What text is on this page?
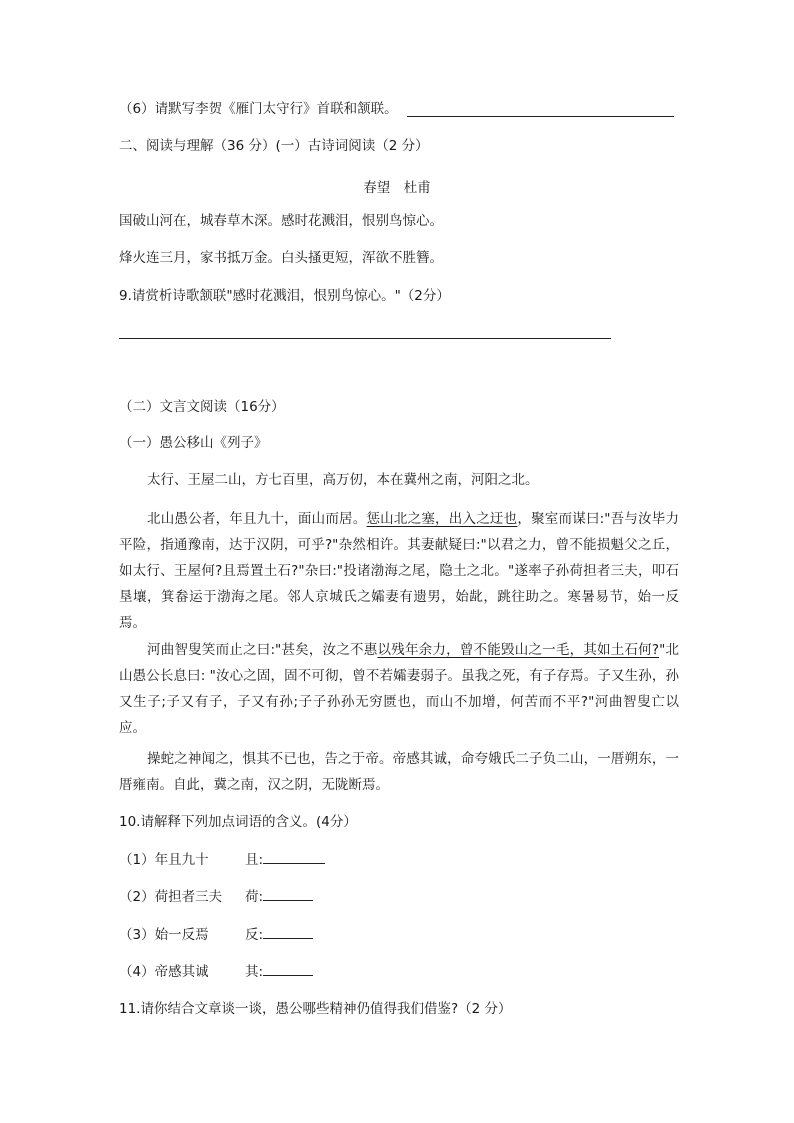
（6）请默写李贺《雁门太守行》首联和颔联。
二、阅读与理解（36 分）(一）古诗词阅读（2 分）
春望　杜甫
国破山河在，城春草木深。感时花溅泪，恨别鸟惊心。
烽火连三月，家书抵万金。白头搔更短，浑欲不胜簪。
9.请赏析诗歌颔联"感时花溅泪，恨别鸟惊心。"（2分）
（二）文言文阅读（16分）
（一）愚公移山《列子》
太行、王屋二山，方七百里，高万仞，本在冀州之南，河阳之北。
北山愚公者，年且九十，面山而居。惩山北之塞，出入之迂也，聚室而谋曰:"吾与汝毕力平险，指通豫南，达于汉阴，可乎?"杂然相许。其妻献疑曰:"以君之力，曾不能损魁父之丘，如太行、王屋何?且焉置土石?"杂曰:"投诸渤海之尾，隐土之北。"遂率子孙荷担者三夫，叩石垦壤，箕畚运于渤海之尾。邻人京城氏之孀妻有遗男，始龀，跳往助之。寒暑易节，始一反焉。
河曲智叟笑而止之曰:"甚矣，汝之不惠以残年余力，曾不能毁山之一毛，其如土石何?"北山愚公长息曰: "汝心之固，固不可彻，曾不若孀妻弱子。虽我之死，有子存焉。子又生孙，孙又生子;子又有子，子又有孙;子子孙孙无穷匮也，而山不加增，何苦而不平?"河曲智叟亡以应。
操蛇之神闻之，惧其不已也，告之于帝。帝感其诚，命夸娥氏二子负二山，一厝朔东，一厝雍南。自此，冀之南，汉之阴，无陇断焉。
10.请解释下列加点词语的含义。(4分）
（1）年且九十	且:
（2）荷担者三夫 荷:
（3）始一反焉	反:
（4）帝感其诚	其:
11.请你结合文章谈一谈，愚公哪些精神仍值得我们借鉴?（2 分）
